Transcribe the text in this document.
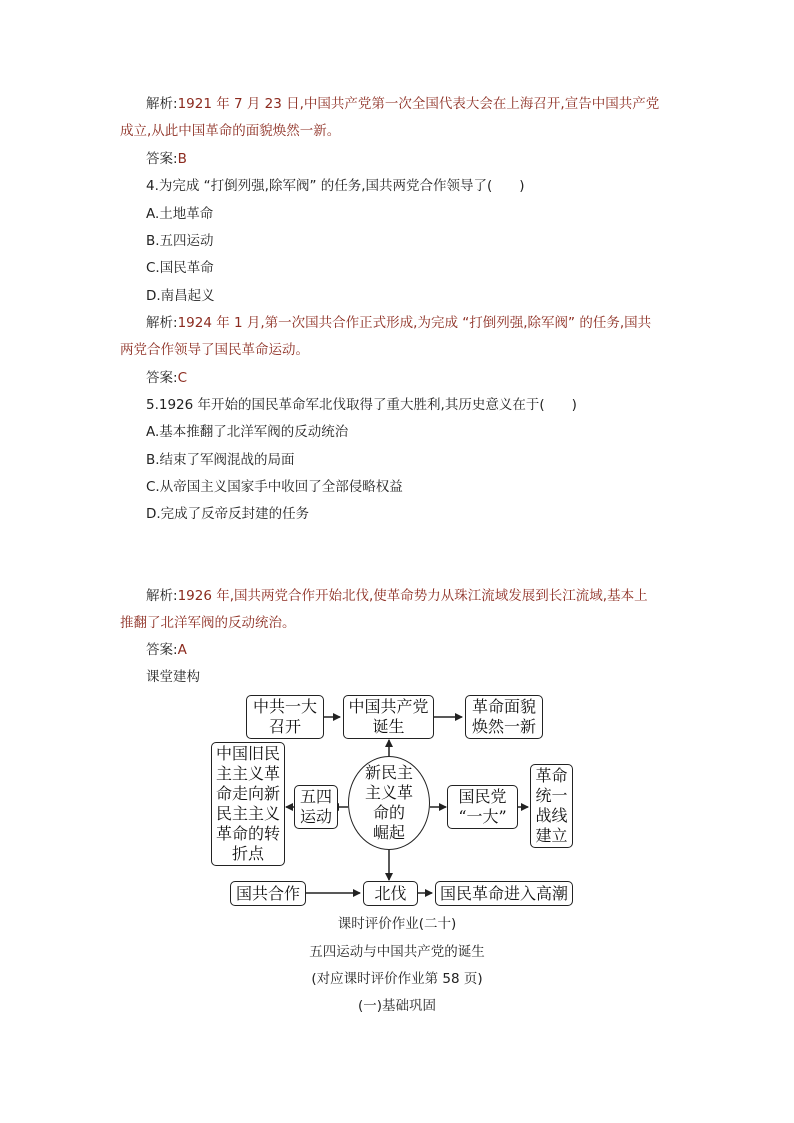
解析:1921 年 7 月 23 日,中国共产党第一次全国代表大会在上海召开,宣告中国共产党
成立,从此中国革命的面貌焕然一新。
答案:B
4.为完成 “打倒列强,除军阀” 的任务,国共两党合作领导了(　　)
A.土地革命
B.五四运动
C.国民革命
D.南昌起义
解析:1924 年 1 月,第一次国共合作正式形成,为完成 “打倒列强,除军阀” 的任务,国共
两党合作领导了国民革命运动。
答案:C
5.1926 年开始的国民革命军北伐取得了重大胜利,其历史意义在于(　　)
A.基本推翻了北洋军阀的反动统治
B.结束了军阀混战的局面
C.从帝国主义国家手中收回了全部侵略权益
D.完成了反帝反封建的任务
解析:1926 年,国共两党合作开始北伐,使革命势力从珠江流域发展到长江流域,基本上
推翻了北洋军阀的反动统治。
答案:A
课堂建构
中共一大
召开
中国共产党
诞生
革命面貌
焕然一新
中国旧民
主主义革
命走向新
民主主义
革命的转
折点
五四
运动
新民主
主义革
命的
崛起
国民党
“一大”
革命
统一
战线
建立
国共合作	北伐	国民革命进入高潮
课时评价作业(二十)
五四运动与中国共产党的诞生
(对应课时评价作业第 58 页)
(一)基础巩固
